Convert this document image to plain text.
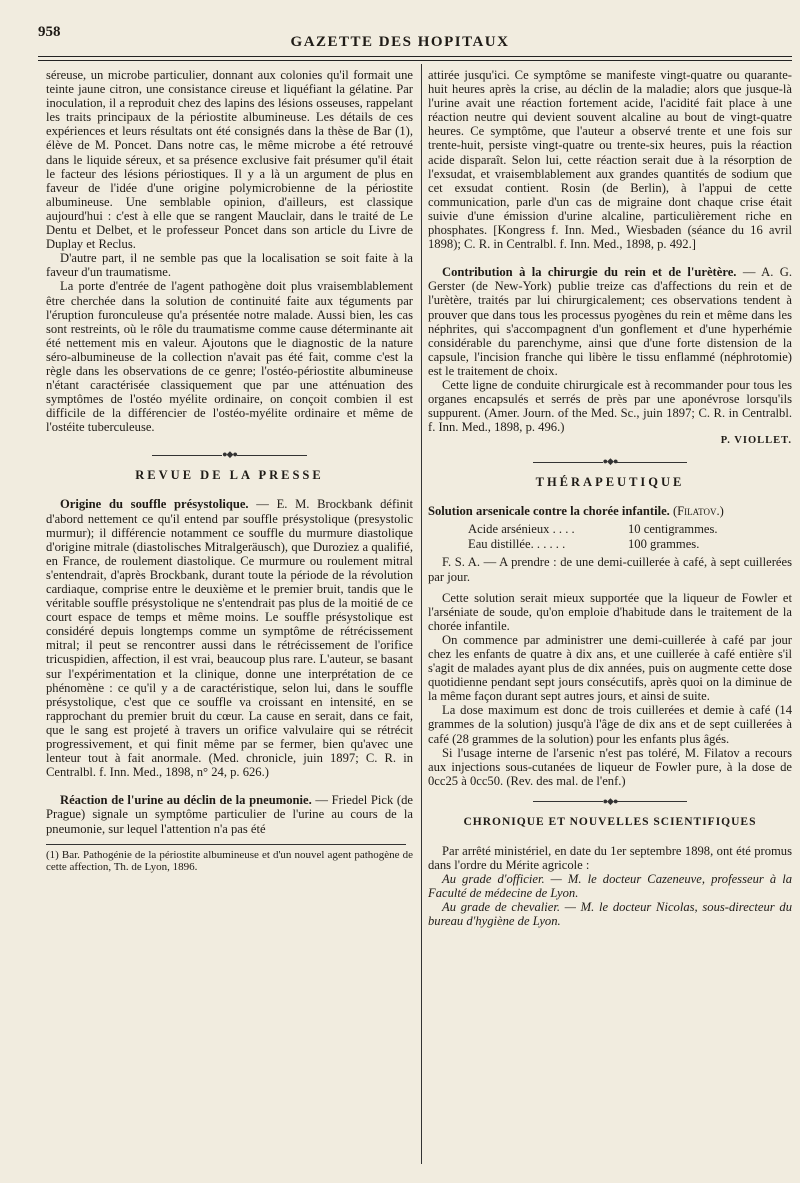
958
GAZETTE DES HOPITAUX

séreuse, un microbe particulier, donnant aux colonies qu'il formait une teinte jaune citron, une consistance cireuse et liquéfiant la gélatine. Par inoculation, il a reproduit chez des lapins des lésions osseuses, rappelant les traits principaux de la périostite albumineuse. Les détails de ces expériences et leurs résultats ont été consignés dans la thèse de Bar (1), élève de M. Poncet. Dans notre cas, le même microbe a été retrouvé dans le liquide séreux, et sa présence exclusive fait présumer qu'il était le facteur des lésions périostiques. Il y a là un argument de plus en faveur de l'idée d'une origine polymicrobienne de la périostite albumineuse. Une semblable opinion, d'ailleurs, est classique aujourd'hui : c'est à elle que se rangent Mauclair, dans le traité de Le Dentu et Delbet, et le professeur Poncet dans son article du Livre de Duplay et Reclus.

D'autre part, il ne semble pas que la localisation se soit faite à la faveur d'un traumatisme.

La porte d'entrée de l'agent pathogène doit plus vraisemblablement être cherchée dans la solution de continuité faite aux téguments par l'éruption furonculeuse qu'a présentée notre malade. Aussi bien, les cas sont restreints, où le rôle du traumatisme comme cause déterminante ait été nettement mis en valeur. Ajoutons que le diagnostic de la nature séro-albumineuse de la collection n'avait pas été fait, comme c'est la règle dans les observations de ce genre; l'ostéo-périostite albumineuse n'étant caractérisée classiquement que par une atténuation des symptômes de l'ostéo myélite ordinaire, on conçoit combien il est difficile de la différencier de l'ostéo-myélite ordinaire et même de l'ostéite tuberculeuse.

●◆●
REVUE DE LA PRESSE

Origine du souffle présystolique. — E. M. Brockbank définit d'abord nettement ce qu'il entend par souffle présystolique (presystolic murmur); il différencie notamment ce souffle du murmure diastolique d'origine mitrale (diastolisches Mitralgeräusch), que Duroziez a qualifié, en France, de roulement diastolique. Ce murmure ou roulement mitral s'entendrait, d'après Brockbank, durant toute la période de la révolution cardiaque, comprise entre le deuxième et le premier bruit, tandis que le véritable souffle présystolique ne s'entendrait pas plus de la moitié de ce court espace de temps et même moins. Le souffle présystolique est considéré depuis longtemps comme un symptôme de rétrécissement mitral; il peut se rencontrer aussi dans le rétrécissement de l'orifice tricuspidien, affection, il est vrai, beaucoup plus rare. L'auteur, se basant sur l'expérimentation et la clinique, donne une interprétation de ce phénomène : ce qu'il y a de caractéristique, selon lui, dans le souffle présystolique, c'est que ce souffle va croissant en intensité, en se rapprochant du premier bruit du cœur. La cause en serait, dans ce fait, que le sang est projeté à travers un orifice valvulaire qui se rétrécit progressivement, et qui finit même par se fermer, bien qu'avec une lenteur tout à fait anormale. (Med. chronicle, juin 1897; C. R. in Centralbl. f. Inn. Med., 1898, n° 24, p. 626.)

Réaction de l'urine au déclin de la pneumonie. — Friedel Pick (de Prague) signale un symptôme particulier de l'urine au cours de la pneumonie, sur lequel l'attention n'a pas été

(1) Bar. Pathogénie de la périostite albumineuse et d'un nouvel agent pathogène de cette affection, Th. de Lyon, 1896.

attirée jusqu'ici. Ce symptôme se manifeste vingt-quatre ou quarante-huit heures après la crise, au déclin de la maladie; alors que jusque-là l'urine avait une réaction fortement acide, l'acidité fait place à une réaction neutre qui devient souvent alcaline au bout de vingt-quatre heures. Ce symptôme, que l'auteur a observé trente et une fois sur trente-huit, persiste vingt-quatre ou trente-six heures, puis la réaction acide disparaît. Selon lui, cette réaction serait due à la résorption de l'exsudat, et vraisemblablement aux grandes quantités de sodium que cet exsudat contient. Rosin (de Berlin), à l'appui de cette communication, parle d'un cas de migraine dont chaque crise était suivie d'une émission d'urine alcaline, particulièrement riche en phosphates. [Kongress f. Inn. Med., Wiesbaden (séance du 16 avril 1898); C. R. in Centralbl. f. Inn. Med., 1898, p. 492.]

Contribution à la chirurgie du rein et de l'urètère. — A. G. Gerster (de New-York) publie treize cas d'affections du rein et de l'urètère, traités par lui chirurgicalement; ces observations tendent à prouver que dans tous les processus pyogènes du rein et même dans les néphrites, qui s'accompagnent d'un gonflement et d'une hyperhémie considérable du parenchyme, ainsi que d'une forte distension de la capsule, l'incision franche qui libère le tissu enflammé (néphrotomie) est le traitement de choix.

Cette ligne de conduite chirurgicale est à recommander pour tous les organes encapsulés et serrés de près par une aponévrose lorsqu'ils suppurent. (Amer. Journ. of the Med. Sc., juin 1897; C. R. in Centralbl. f. Inn. Med., 1898, p. 496.)

P. VIOLLET.
●◆●
THÉRAPEUTIQUE

Solution arsenicale contre la chorée infantile. (Filatov.)

Acide arsénieux . . . .	10 centigrammes.
Eau distillée. . . . . .	100 grammes.

F. S. A. — A prendre : de une demi-cuillerée à café, à sept cuillerées par jour.

Cette solution serait mieux supportée que la liqueur de Fowler et l'arséniate de soude, qu'on emploie d'habitude dans le traitement de la chorée infantile.

On commence par administrer une demi-cuillerée à café par jour chez les enfants de quatre à dix ans, et une cuillerée à café entière s'il s'agit de malades ayant plus de dix années, puis on augmente cette dose quotidienne pendant sept jours consécutifs, après quoi on la diminue de la même façon durant sept autres jours, et ainsi de suite.

La dose maximum est donc de trois cuillerées et demie à café (14 grammes de la solution) jusqu'à l'âge de dix ans et de sept cuillerées à café (28 grammes de la solution) pour les enfants plus âgés.

Si l'usage interne de l'arsenic n'est pas toléré, M. Filatov a recours aux injections sous-cutanées de liqueur de Fowler pure, à la dose de 0cc25 à 0cc50. (Rev. des mal. de l'enf.)

●◆●
CHRONIQUE ET NOUVELLES SCIENTIFIQUES

Par arrêté ministériel, en date du 1er septembre 1898, ont été promus dans l'ordre du Mérite agricole :

Au grade d'officier. — M. le docteur Cazeneuve, professeur à la Faculté de médecine de Lyon.

Au grade de chevalier. — M. le docteur Nicolas, sous-directeur du bureau d'hygiène de Lyon.
